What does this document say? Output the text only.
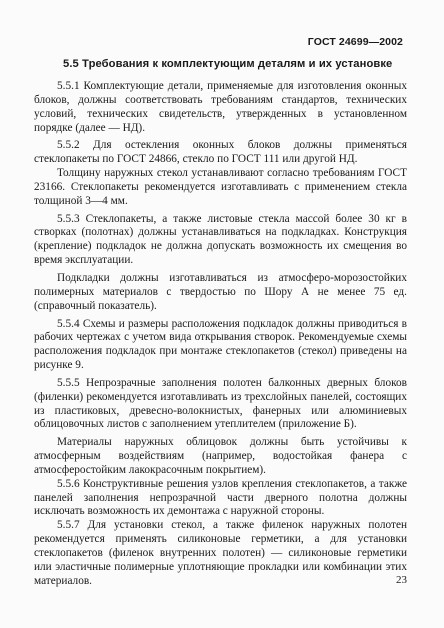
ГОСТ 24699—2002
5.5 Требования к комплектующим деталям и их установке

5.5.1 Комплектующие детали, применяемые для изготовления оконных блоков, должны соответствовать требованиям стандартов, технических условий, технических свидетельств, утвержденных в установленном порядке (далее — НД).

5.5.2 Для остекления оконных блоков должны применяться стеклопакеты по ГОСТ 24866, стекло по ГОСТ 111 или другой НД.

Толщину наружных стекол устанавливают согласно требованиям ГОСТ 23166. Стеклопакеты рекомендуется изготавливать с применением стекла толщиной 3—4 мм.

5.5.3 Стеклопакеты, а также листовые стекла массой более 30 кг в створках (полотнах) должны устанавливаться на подкладках. Конструкция (крепление) подкладок не должна допускать возможность их смещения во время эксплуатации.

Подкладки должны изготавливаться из атмосферо-морозостойких полимерных материалов с твердостью по Шору А не менее 75 ед. (справочный показатель).

5.5.4 Схемы и размеры расположения подкладок должны приводиться в рабочих чертежах с учетом вида открывания створок. Рекомендуемые схемы расположения подкладок при монтаже стеклопакетов (стекол) приведены на рисунке 9.

5.5.5 Непрозрачные заполнения полотен балконных дверных блоков (филенки) рекомендуется изготавливать из трехслойных панелей, состоящих из пластиковых, древесно-волокнистых, фанерных или алюминиевых облицовочных листов с заполнением утеплителем (приложение Б).

Материалы наружных облицовок должны быть устойчивы к атмосферным воздействиям (например, водостойкая фанера с атмосферостойким лакокрасочным покрытием).

5.5.6 Конструктивные решения узлов крепления стеклопакетов, а также панелей заполнения непрозрачной части дверного полотна должны исключать возможность их демонтажа с наружной стороны.

5.5.7 Для установки стекол, а также филенок наружных полотен рекомендуется применять силиконовые герметики, а для установки стеклопакетов (филенок внутренних полотен) — силиконовые герметики или эластичные полимерные уплотняющие прокладки или комбинации этих материалов.	23
